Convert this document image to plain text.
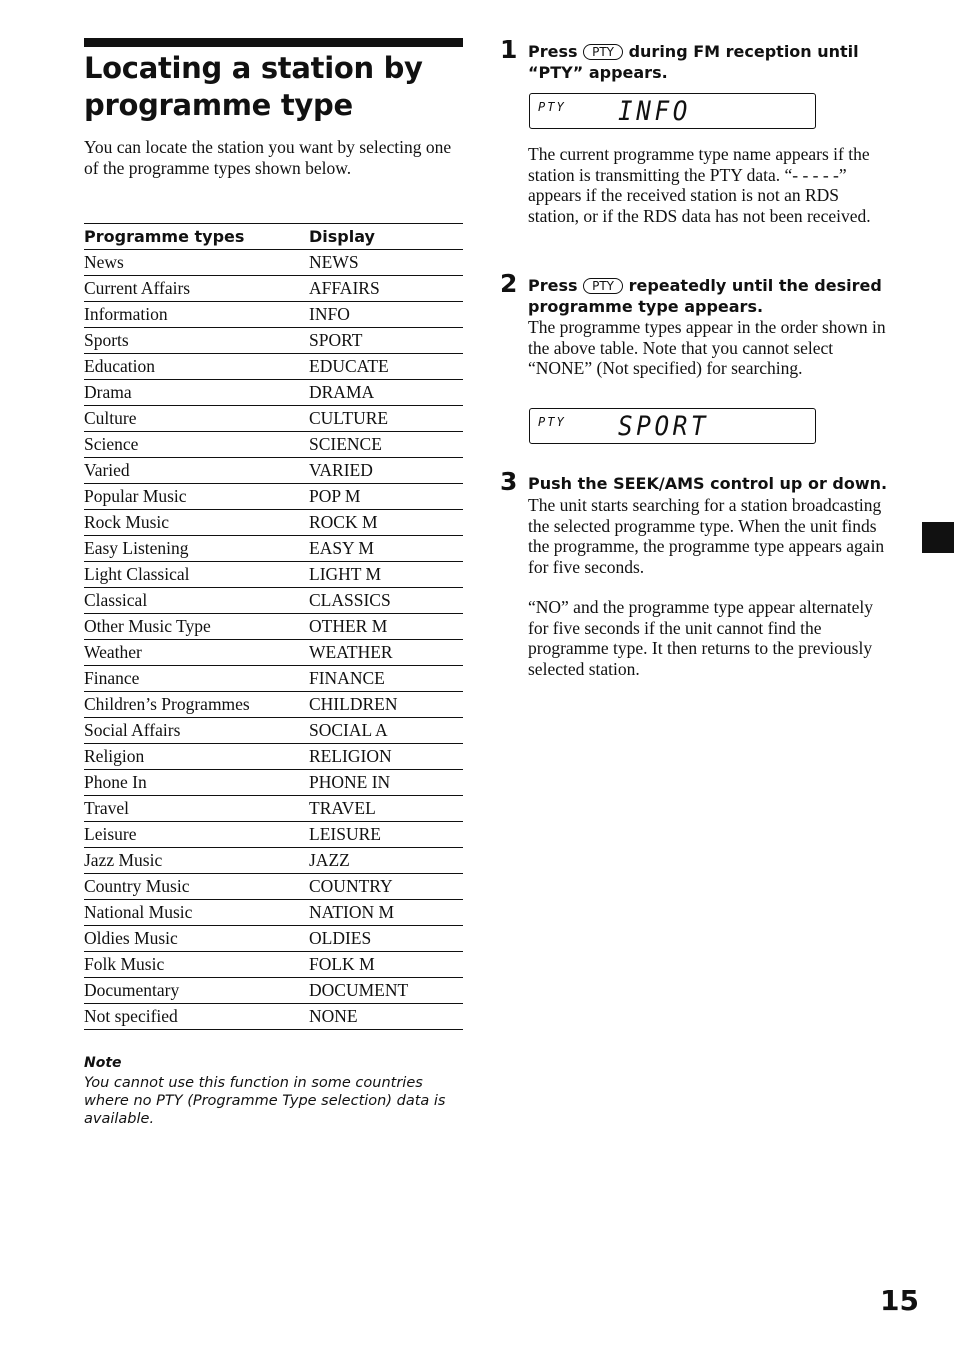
Locating a station by programme type

You can locate the station you want by selecting one of the programme types shown below.

Programme types	Display
News	NEWS
Current Affairs	AFFAIRS
Information	INFO
Sports	SPORT
Education	EDUCATE
Drama	DRAMA
Culture	CULTURE
Science	SCIENCE
Varied	VARIED
Popular Music	POP M
Rock Music	ROCK M
Easy Listening	EASY M
Light Classical	LIGHT M
Classical	CLASSICS
Other Music Type	OTHER M
Weather	WEATHER
Finance	FINANCE
Children’s Programmes	CHILDREN
Social Affairs	SOCIAL A
Religion	RELIGION
Phone In	PHONE IN
Travel	TRAVEL
Leisure	LEISURE
Jazz Music	JAZZ
Country Music	COUNTRY
National Music	NATION M
Oldies Music	OLDIES
Folk Music	FOLK M
Documentary	DOCUMENT
Not specified	NONE

Note

You cannot use this function in some countries where no PTY (Programme Type selection) data is available.

1 Press PTY during FM reception until “PTY” appears.

PTY INFO

The current programme type name appears if the station is transmitting the PTY data. “- - - - -” appears if the received station is not an RDS station, or if the RDS data has not been received.

2 Press PTY repeatedly until the desired programme type appears.

The programme types appear in the order shown in the above table. Note that you cannot select “NONE” (Not specified) for searching.

PTY SPORT
3 Push the SEEK/AMS control up or down.

The unit starts searching for a station broadcasting the selected programme type. When the unit finds the programme, the programme type appears again for five seconds.

“NO” and the programme type appear alternately for five seconds if the unit cannot find the programme type. It then returns to the previously selected station.

15
